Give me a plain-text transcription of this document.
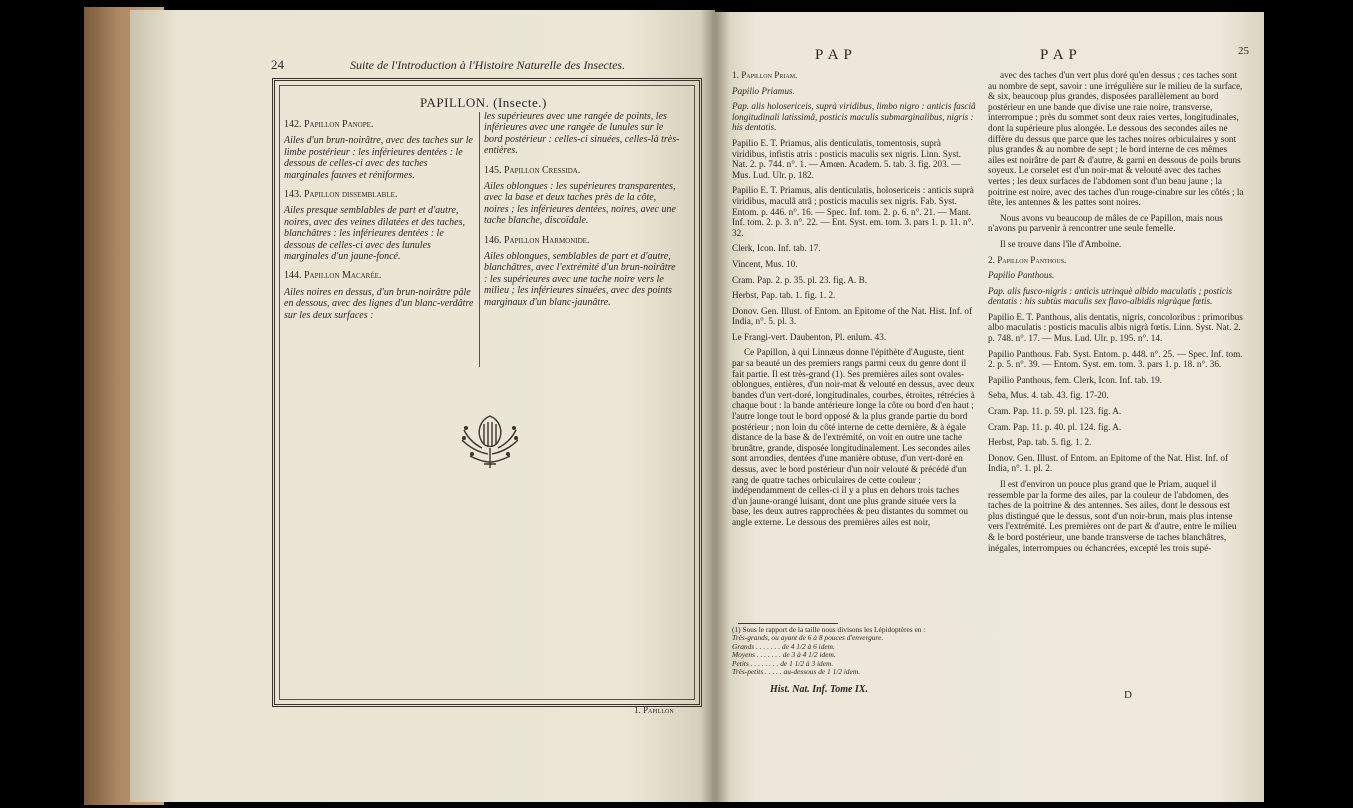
24	Suite de l'Introduction à l'Histoire Naturelle des Insectes.
PAPILLON. (Insecte.)
142. Papillon Panope.

Ailes d'un brun-noirâtre, avec des taches sur le limbe postérieur : les inférieures dentées : le dessous de celles-ci avec des taches marginales fauves et réniformes.

143. Papillon dissemblable.

Ailes presque semblables de part et d'autre, noires, avec des veines dilatées et des taches, blanchâtres : les inférieures dentées : le dessous de celles-ci avec des lunules marginales d'un jaune-foncé.

144. Papillon Macarée.

Ailes noires en dessus, d'un brun-noirâtre pâle en dessous, avec des lignes d'un blanc-verdâtre sur les deux surfaces :

les supérieures avec une rangée de points, les inférieures avec une rangée de lunules sur le bord postérieur : celles-ci sinuées, celles-là très-entières.

145. Papillon Cressida.

Ailes oblongues : les supérieures transparentes, avec la base et deux taches près de la côte, noires ; les inférieures dentées, noires, avec une tache blanche, discoïdale.

146. Papillon Harmonide.

Ailes oblongues, semblables de part et d'autre, blanchâtres, avec l'extrémité d'un brun-noirâtre : les supérieures avec une tache noire vers le milieu ; les inférieures sinuées, avec des points marginaux d'un blanc-jaunâtre.

1. Papillon
P A P	P A P	25

1. Papillon Priam.

Papilio Priamus.

Pap. alis holosericeis, suprà viridibus, limbo nigro : anticis fasciâ longitudinali latissimâ, posticis maculis submarginalibus, nigris : his dentatis.

Papilio E. T. Priamus, alis denticulatis, tomentosis, suprà viridibus, infistis atris : posticis maculis sex nigris. Linn. Syst. Nat. 2. p. 744. n°. 1. — Amœn. Academ. 5. tab. 3. fig. 203. — Mus. Lud. Ulr. p. 182.

Papilio E. T. Priamus, alis denticulatis, holosericeis : anticis suprà viridibus, maculâ atrâ ; posticis maculis sex nigris. Fab. Syst. Entom. p. 446. n°. 16. — Spec. Inf. tom. 2. p. 6. n°. 21. — Mant. Inf. tom. 2. p. 3. n°. 22. — Ent. Syst. em. tom. 3. pars 1. p. 11. n°. 32.

Clerk, Icon. Inf. tab. 17.

Vincent, Mus. 10.

Cram. Pap. 2. p. 35. pl. 23. fig. A. B.

Herbst, Pap. tab. 1. fig. 1. 2.

Donov. Gen. Illust. of Entom. an Epitome of the Nat. Hist. Inf. of India, n°. 5. pl. 3.

Le Frangi-vert. Daubenton, Pl. enlum. 43.

Ce Papillon, à qui Linnæus donne l'épithète d'Auguste, tient par sa beauté un des premiers rangs parmi ceux du genre dont il fait partie. Il est très-grand (1). Ses premières ailes sont ovales-oblongues, entières, d'un noir-mat & velouté en dessus, avec deux bandes d'un vert-doré, longitudinales, courbes, étroites, rétrécies à chaque bout : la bande antérieure longe la côte ou bord d'en haut ; l'autre longe tout le bord opposé & la plus grande partie du bord postérieur ; non loin du côté interne de cette dernière, & à égale distance de la base & de l'extrémité, on voit en outre une tache brunâtre, grande, disposée longitudinalement. Les secondes ailes sont arrondies, dentées d'une manière obtuse, d'un vert-doré en dessus, avec le bord postérieur d'un noir velouté & précédé d'un rang de quatre taches orbiculaires de cette couleur ; indépendamment de celles-ci il y a plus en dehors trois taches d'un jaune-orangé luisant, dont une plus grande située vers la base, les deux autres rapprochées & peu distantes du sommet ou angle externe. Le dessous des premières ailes est noir,

(1) Sous le rapport de la taille nous divisons les Lépidoptères en :
Très-grands, ou ayant de 6 à 8 pouces d'envergure.
Grands . . . . . . . de 4 1/2 à 6 idem.
Moyens . . . . . . . de 3 à 4 1/2 idem.
Petits . . . . . . . . de 1 1/2 à 3 idem.
Très-petits . . . . . au-dessous de 1 1/2 idem.
Hist. Nat. Inf. Tome IX.

avec des taches d'un vert plus doré qu'en dessus ; ces taches sont au nombre de sept, savoir : une irrégulière sur le milieu de la surface, & six, beaucoup plus grandes, disposées parallèlement au bord postérieur en une bande que divise une raie noire, transverse, interrompue ; près du sommet sont deux raies vertes, longitudinales, dont la supérieure plus alongée. Le dessous des secondes ailes ne diffère du dessus que parce que les taches noires orbiculaires y sont plus grandes & au nombre de sept ; le bord interne de ces mêmes ailes est noirâtre de part & d'autre, & garni en dessous de poils bruns soyeux. Le corselet est d'un noir-mat & velouté avec des taches vertes ; les deux surfaces de l'abdomen sont d'un beau jaune ; la poitrine est noire, avec des taches d'un rouge-cinabre sur les côtés ; la tête, les antennes & les pattes sont noires.

Nous avons vu beaucoup de mâles de ce Papillon, mais nous n'avons pu parvenir à rencontrer une seule femelle.

Il se trouve dans l'île d'Amboine.

2. Papillon Panthous.

Papilio Panthous.

Pap. alis fusco-nigris : anticis utrinquè albido maculatis ; posticis dentatis : his subtùs maculis sex flavo-albidis nigràque fœtis.

Papilio E. T. Panthous, alis dentatis, nigris, concoloribus : primoribus albo maculatis : posticis maculis albis nigrà fœtis. Linn. Syst. Nat. 2. p. 748. n°. 17. — Mus. Lud. Ulr. p. 195. n°. 14.

Papilio Panthous. Fab. Syst. Entom. p. 448. n°. 25. — Spec. Inf. tom. 2. p. 5. n°. 39. — Entom. Syst. em. tom. 3. pars 1. p. 18. n°. 36.

Papilio Panthous, fem. Clerk, Icon. Inf. tab. 19.

Seba, Mus. 4. tab. 43. fig. 17-20.

Cram. Pap. 11. p. 59. pl. 123. fig. A.

Cram. Pap. 11. p. 40. pl. 124. fig. A.

Herbst, Pap. tab. 5. fig. 1. 2.

Donov. Gen. Illust. of Entom. an Epitome of the Nat. Hist. Inf. of India, n°. 1. pl. 2.

Il est d'environ un pouce plus grand que le Priam, auquel il ressemble par la forme des ailes, par la couleur de l'abdomen, des taches de la poitrine & des antennes. Ses ailes, dont le dessous est plus distingué que le dessus, sont d'un noir-brun, mais plus intense vers l'extrémité. Les premières ont de part & d'autre, entre le milieu & le bord postérieur, une bande transverse de taches blanchâtres, inégales, interrompues ou échancrées, excepté les trois supé-

D
